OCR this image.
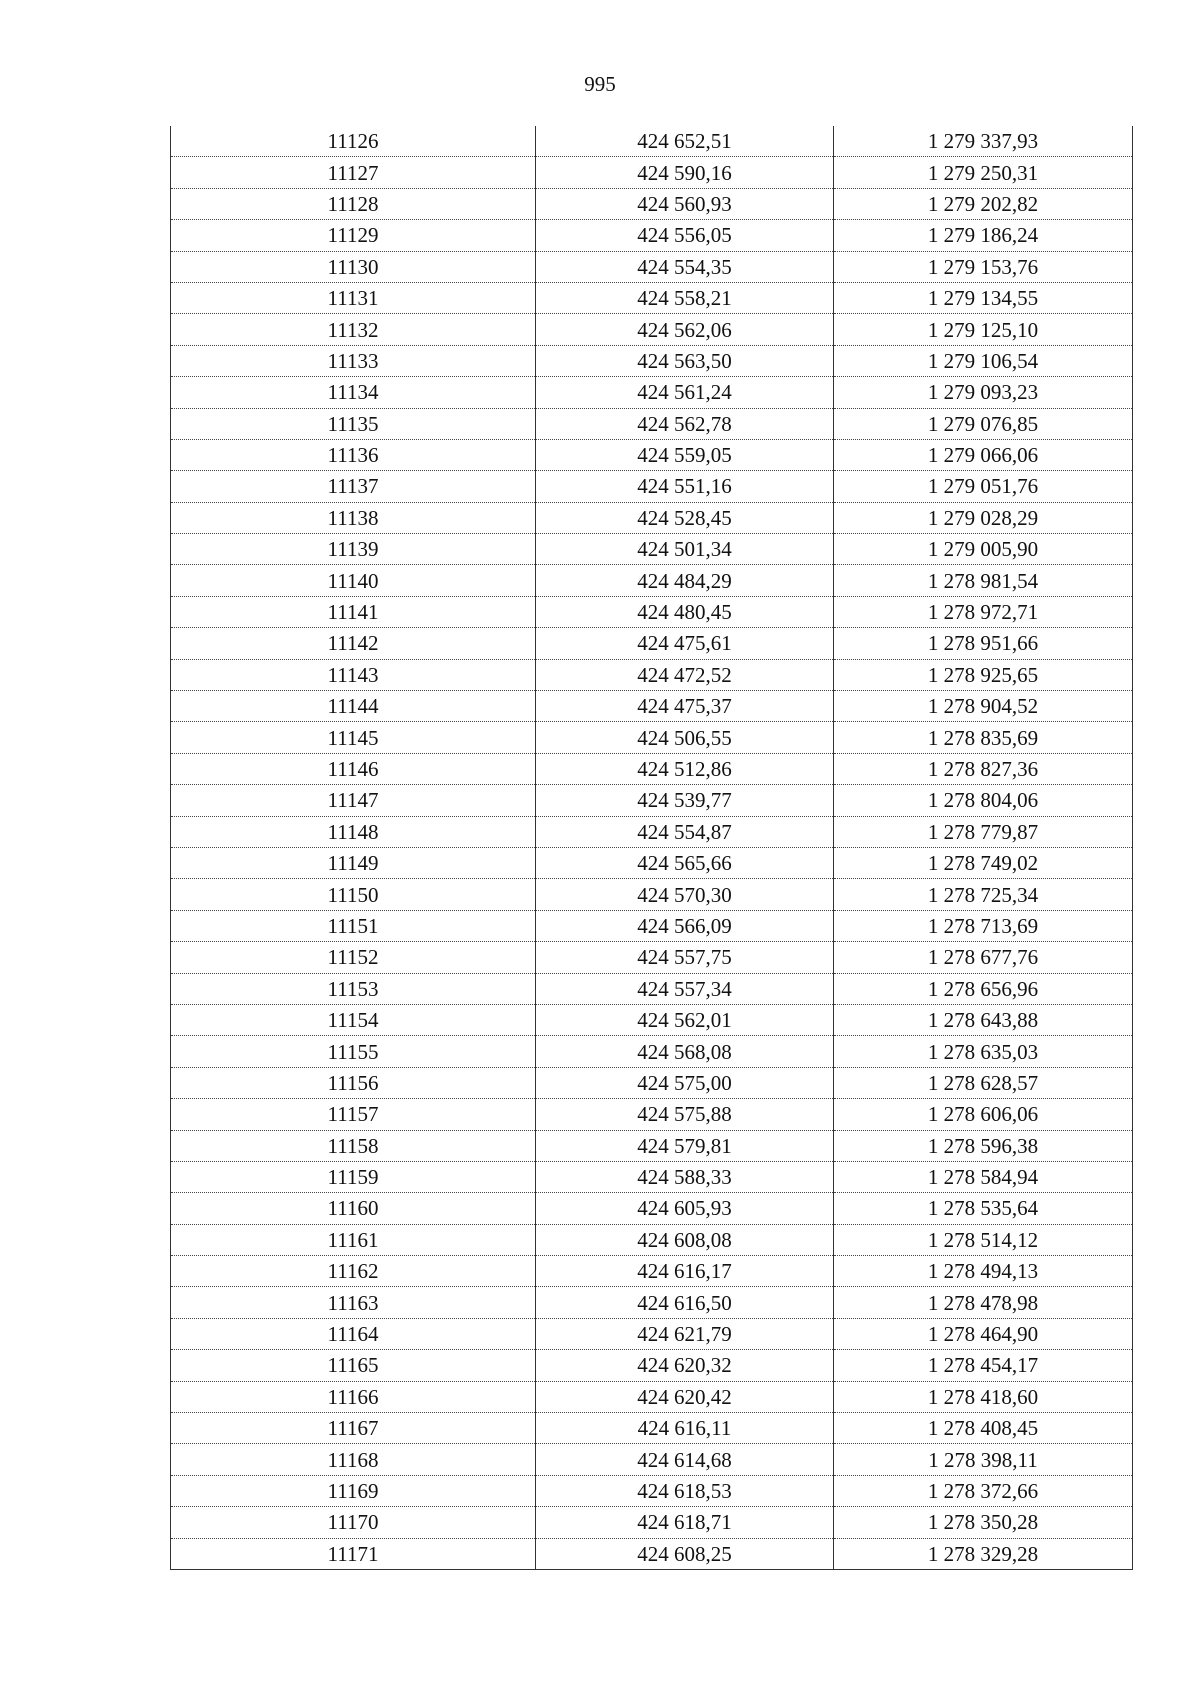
995
11126	424 652,51	1 279 337,93
11127	424 590,16	1 279 250,31
11128	424 560,93	1 279 202,82
11129	424 556,05	1 279 186,24
11130	424 554,35	1 279 153,76
11131	424 558,21	1 279 134,55
11132	424 562,06	1 279 125,10
11133	424 563,50	1 279 106,54
11134	424 561,24	1 279 093,23
11135	424 562,78	1 279 076,85
11136	424 559,05	1 279 066,06
11137	424 551,16	1 279 051,76
11138	424 528,45	1 279 028,29
11139	424 501,34	1 279 005,90
11140	424 484,29	1 278 981,54
11141	424 480,45	1 278 972,71
11142	424 475,61	1 278 951,66
11143	424 472,52	1 278 925,65
11144	424 475,37	1 278 904,52
11145	424 506,55	1 278 835,69
11146	424 512,86	1 278 827,36
11147	424 539,77	1 278 804,06
11148	424 554,87	1 278 779,87
11149	424 565,66	1 278 749,02
11150	424 570,30	1 278 725,34
11151	424 566,09	1 278 713,69
11152	424 557,75	1 278 677,76
11153	424 557,34	1 278 656,96
11154	424 562,01	1 278 643,88
11155	424 568,08	1 278 635,03
11156	424 575,00	1 278 628,57
11157	424 575,88	1 278 606,06
11158	424 579,81	1 278 596,38
11159	424 588,33	1 278 584,94
11160	424 605,93	1 278 535,64
11161	424 608,08	1 278 514,12
11162	424 616,17	1 278 494,13
11163	424 616,50	1 278 478,98
11164	424 621,79	1 278 464,90
11165	424 620,32	1 278 454,17
11166	424 620,42	1 278 418,60
11167	424 616,11	1 278 408,45
11168	424 614,68	1 278 398,11
11169	424 618,53	1 278 372,66
11170	424 618,71	1 278 350,28
11171	424 608,25	1 278 329,28
